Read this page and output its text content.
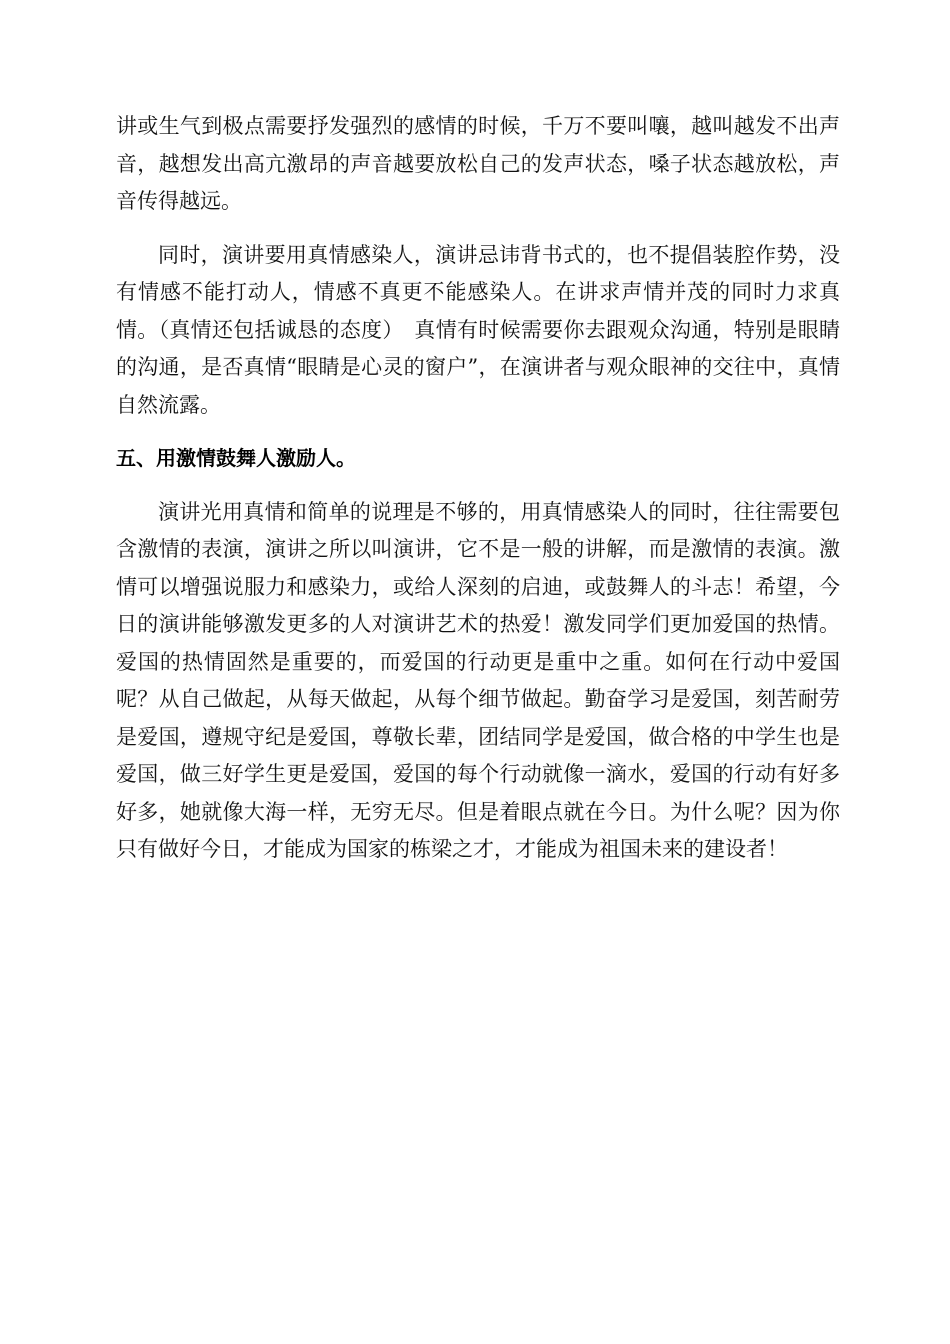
讲或生气到极点需要抒发强烈的感情的时候，千万不要叫嚷，越叫越发不出声音，越想发出高亢激昂的声音越要放松自己的发声状态，嗓子状态越放松，声音传得越远。

同时，演讲要用真情感染人，演讲忌讳背书式的，也不提倡装腔作势，没有情感不能打动人，情感不真更不能感染人。在讲求声情并茂的同时力求真情。（真情还包括诚恳的态度）　真情有时候需要你去跟观众沟通，特别是眼睛的沟通，是否真情“眼睛是心灵的窗户”，在演讲者与观众眼神的交往中，真情自然流露。

五、用激情鼓舞人激励人。

演讲光用真情和简单的说理是不够的，用真情感染人的同时，往往需要包含激情的表演，演讲之所以叫演讲，它不是一般的讲解，而是激情的表演。激情可以增强说服力和感染力，或给人深刻的启迪，或鼓舞人的斗志！希望，今日的演讲能够激发更多的人对演讲艺术的热爱！激发同学们更加爱国的热情。爱国的热情固然是重要的，而爱国的行动更是重中之重。如何在行动中爱国呢？从自己做起，从每天做起，从每个细节做起。勤奋学习是爱国，刻苦耐劳是爱国，遵规守纪是爱国，尊敬长辈，团结同学是爱国，做合格的中学生也是爱国，做三好学生更是爱国，爱国的每个行动就像一滴水，爱国的行动有好多好多，她就像大海一样，无穷无尽。但是着眼点就在今日。为什么呢？因为你只有做好今日，才能成为国家的栋梁之才，才能成为祖国未来的建设者！
